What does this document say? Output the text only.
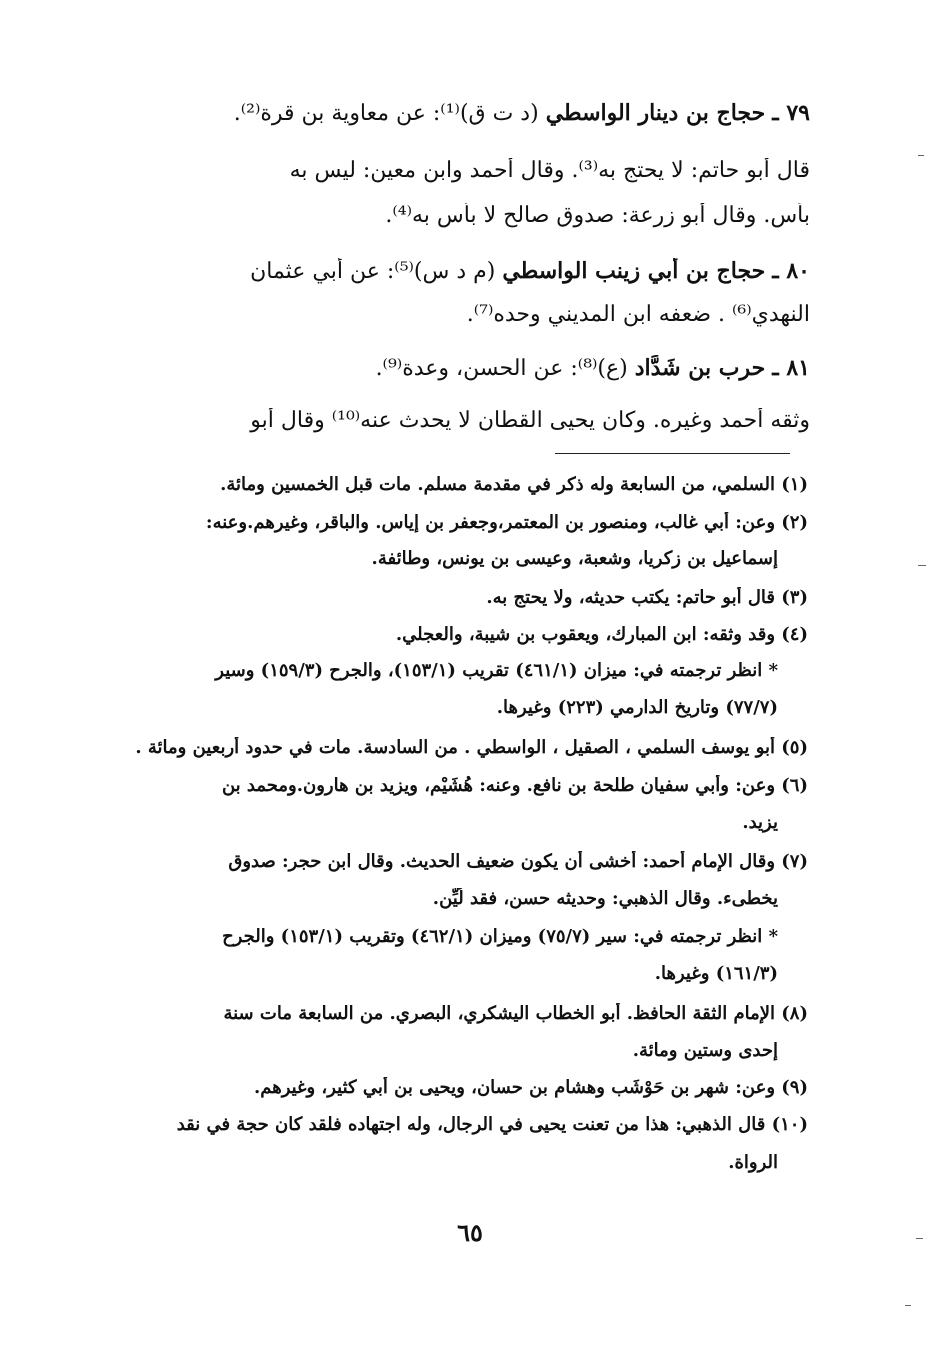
٧٩ ـ حجاج بن دينار الواسطي (د ت ق)⁽¹⁾: عن معاوية بن قرة⁽²⁾.
قال أبو حاتم: لا يحتج به⁽³⁾. وقال أحمد وابن معين: ليس به
بأس. وقال أبو زرعة: صدوق صالح لا بأس به⁽⁴⁾.
٨٠ ـ حجاج بن أبي زينب الواسطي (م د س)⁽⁵⁾: عن أبي عثمان
النهدي⁽⁶⁾ . ضعفه ابن المديني وحده⁽⁷⁾.
٨١ ـ حرب بن شَدَّاد (ع)⁽⁸⁾: عن الحسن، وعدة⁽⁹⁾.
وثقه أحمد وغيره. وكان يحيى القطان لا يحدث عنه⁽¹⁰⁾ وقال أبو
(١) السلمي، من السابعة وله ذكر في مقدمة مسلم. مات قبل الخمسين ومائة.
(٢) وعن: أبي غالب، ومنصور بن المعتمر،وجعفر بن إياس. والباقر، وغيرهم.وعنه:
إسماعيل بن زكريا، وشعبة، وعيسى بن يونس، وطائفة.
(٣) قال أبو حاتم: يكتب حديثه، ولا يحتج به.
(٤) وقد وثقه: ابن المبارك، ويعقوب بن شيبة، والعجلي.
* انظر ترجمته في: ميزان (٤٦١/١) تقريب (١٥٣/١)، والجرح (١٥٩/٣) وسير
(٧٧/٧) وتاريخ الدارمي (٢٢٣) وغيرها.
(٥) أبو يوسف السلمي ، الصقيل ، الواسطي . من السادسة. مات في حدود أربعين ومائة .
(٦) وعن: وأبي سفيان طلحة بن نافع. وعنه: هُشَيْم، ويزيد بن هارون.ومحمد بن
يزيد.
(٧) وقال الإمام أحمد: أخشى أن يكون ضعيف الحديث. وقال ابن حجر: صدوق
يخطىء. وقال الذهبي: وحديثه حسن، فقد لُيِّن.
* انظر ترجمته في: سير (٧٥/٧) وميزان (٤٦٢/١) وتقريب (١٥٣/١) والجرح
(١٦١/٣) وغيرها.
(٨) الإمام الثقة الحافظ. أبو الخطاب اليشكري، البصري. من السابعة مات سنة
إحدى وستين ومائة.
(٩) وعن: شهر بن حَوْشَب وهشام بن حسان، ويحيى بن أبي كثير، وغيرهم.
(١٠) قال الذهبي: هذا من تعنت يحيى في الرجال، وله اجتهاده فلقد كان حجة في نقد
الرواة.
٦٥
